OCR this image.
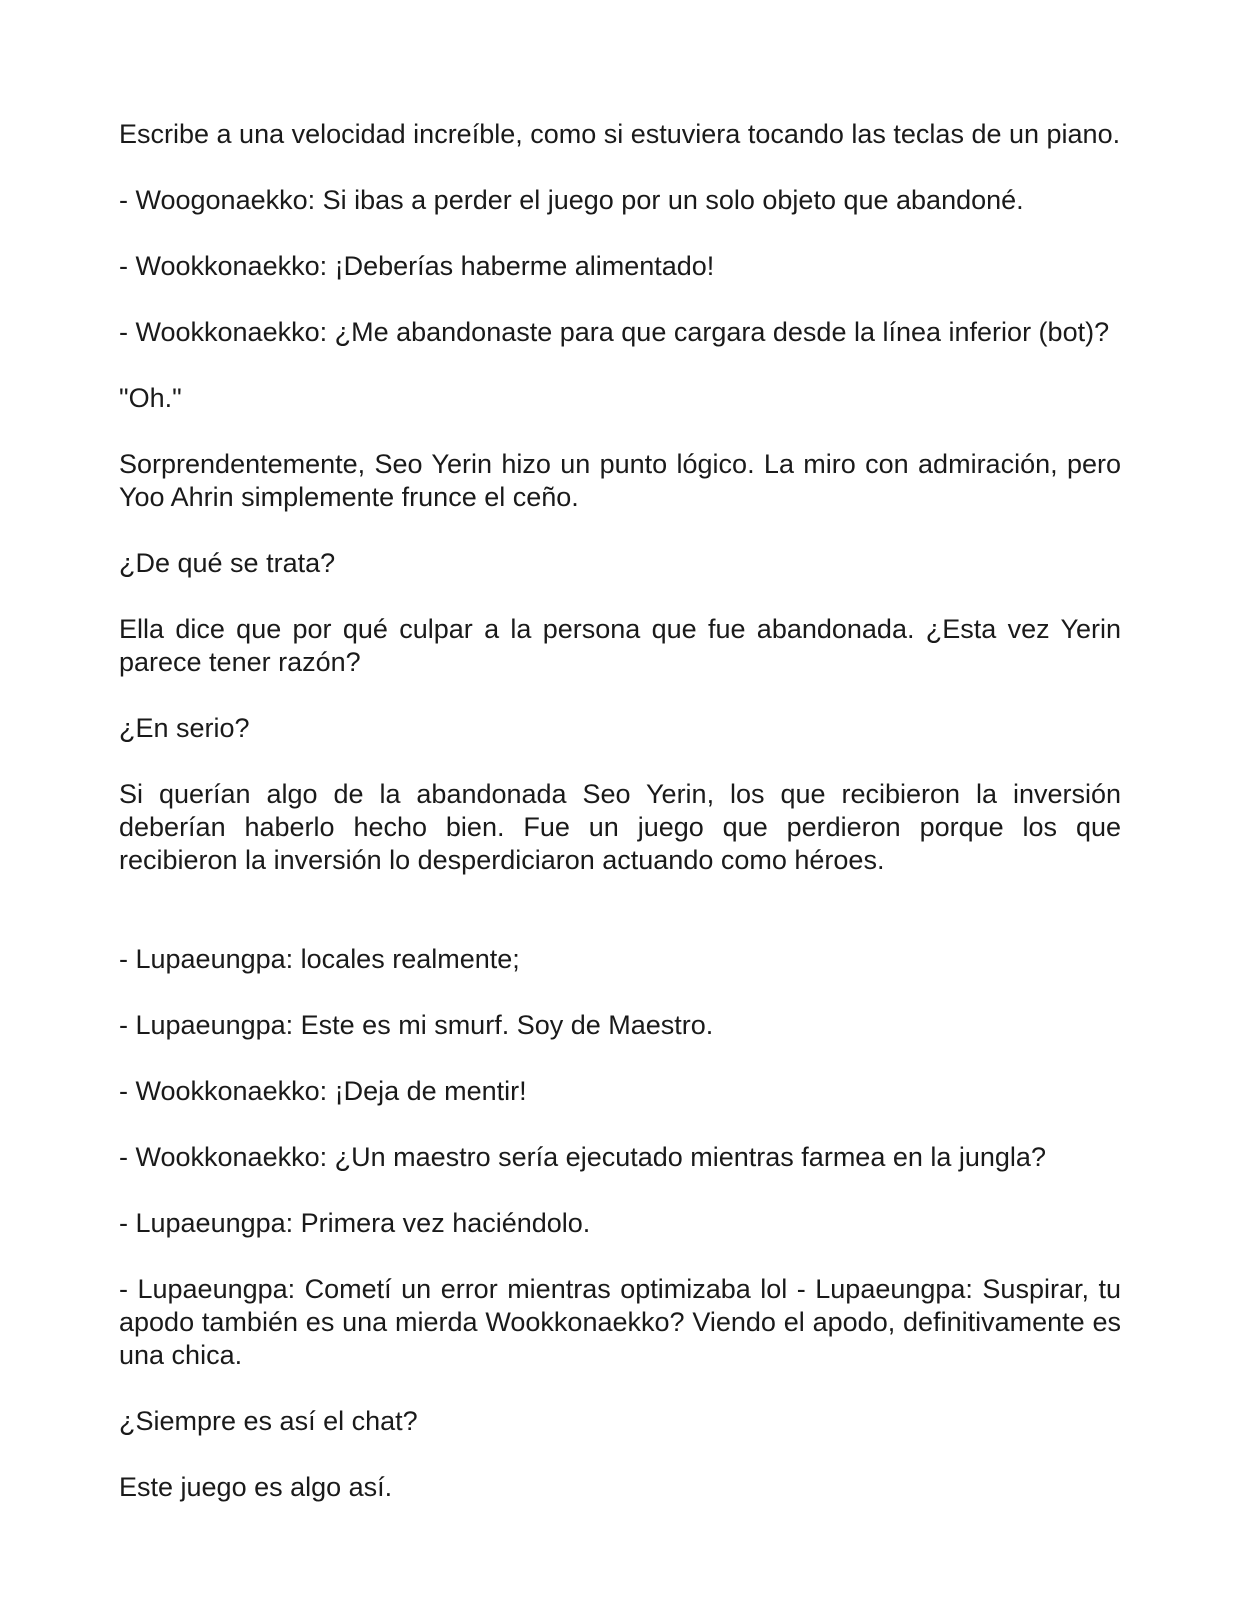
Escribe a una velocidad increíble, como si estuviera tocando las teclas de un piano.

- Woogonaekko: Si ibas a perder el juego por un solo objeto que abandoné.

- Wookkonaekko: ¡Deberías haberme alimentado!

- Wookkonaekko: ¿Me abandonaste para que cargara desde la línea inferior (bot)?

"Oh."

Sorprendentemente, Seo Yerin hizo un punto lógico. La miro con admiración, pero Yoo Ahrin simplemente frunce el ceño.

¿De qué se trata?

Ella dice que por qué culpar a la persona que fue abandonada. ¿Esta vez Yerin parece tener razón?

¿En serio?

Si querían algo de la abandonada Seo Yerin, los que recibieron la inversión deberían haberlo hecho bien. Fue un juego que perdieron porque los que recibieron la inversión lo desperdiciaron actuando como héroes.

- Lupaeungpa: locales realmente;

- Lupaeungpa: Este es mi smurf. Soy de Maestro.

- Wookkonaekko: ¡Deja de mentir!

- Wookkonaekko: ¿Un maestro sería ejecutado mientras farmea en la jungla?

- Lupaeungpa: Primera vez haciéndolo.

- Lupaeungpa: Cometí un error mientras optimizaba lol - Lupaeungpa: Suspirar, tu apodo también es una mierda Wookkonaekko? Viendo el apodo, definitivamente es una chica.

¿Siempre es así el chat?

Este juego es algo así.
